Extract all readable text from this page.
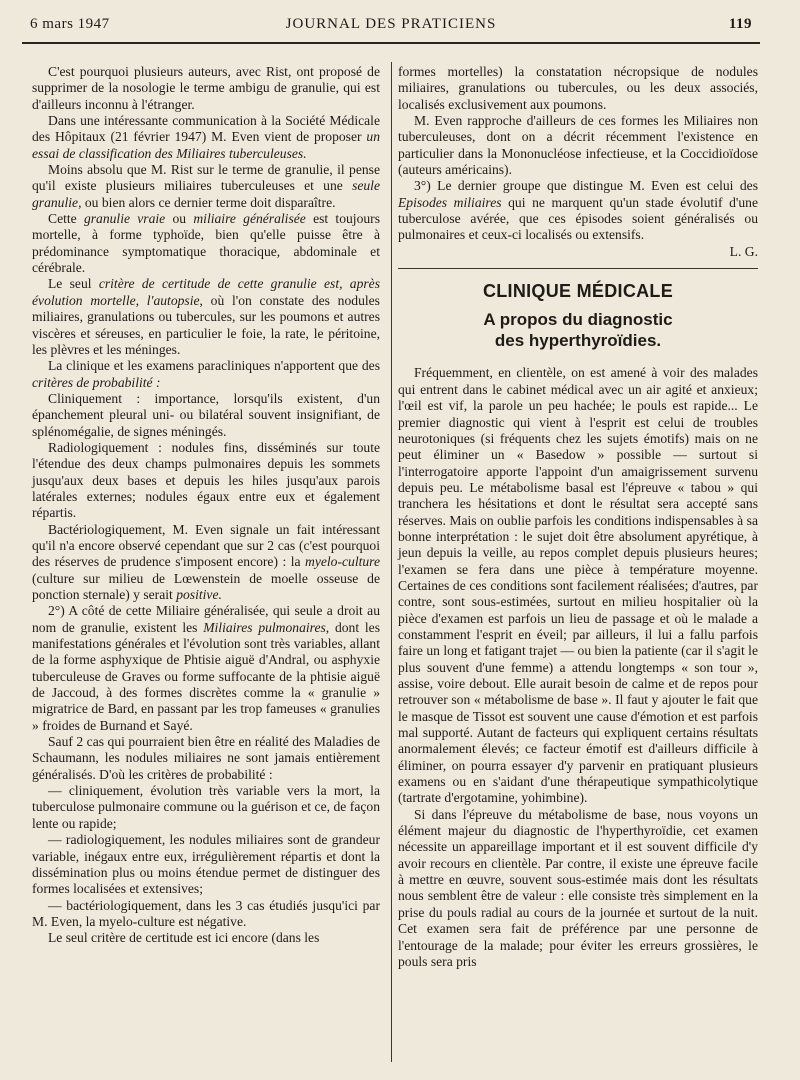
6 mars 1947	JOURNAL DES PRATICIENS	119

C'est pourquoi plusieurs auteurs, avec Rist, ont proposé de supprimer de la nosologie le terme ambigu de granulie, qui est d'ailleurs inconnu à l'étranger.

Dans une intéressante communication à la Société Médicale des Hôpitaux (21 février 1947) M. Even vient de proposer un essai de classification des Miliaires tuberculeuses.

Moins absolu que M. Rist sur le terme de granulie, il pense qu'il existe plusieurs miliaires tuberculeuses et une seule granulie, ou bien alors ce dernier terme doit disparaître.

Cette granulie vraie ou miliaire généralisée est toujours mortelle, à forme typhoïde, bien qu'elle puisse être à prédominance symptomatique thoracique, abdominale et cérébrale.

Le seul critère de certitude de cette granulie est, après évolution mortelle, l'autopsie, où l'on constate des nodules miliaires, granulations ou tubercules, sur les poumons et autres viscères et séreuses, en particulier le foie, la rate, le péritoine, les plèvres et les méninges.

La clinique et les examens paracliniques n'apportent que des critères de probabilité :

Cliniquement : importance, lorsqu'ils existent, d'un épanchement pleural uni- ou bilatéral souvent insignifiant, de splénomégalie, de signes méningés.

Radiologiquement : nodules fins, disséminés sur toute l'étendue des deux champs pulmonaires depuis les sommets jusqu'aux deux bases et depuis les hiles jusqu'aux parois latérales externes; nodules égaux entre eux et également répartis.

Bactériologiquement, M. Even signale un fait intéressant qu'il n'a encore observé cependant que sur 2 cas (c'est pourquoi des réserves de prudence s'imposent encore) : la myelo-culture (culture sur milieu de Lœwenstein de moelle osseuse de ponction sternale) y serait positive.

2°) A côté de cette Miliaire généralisée, qui seule a droit au nom de granulie, existent les Miliaires pulmonaires, dont les manifestations générales et l'évolution sont très variables, allant de la forme asphyxique de Phtisie aiguë d'Andral, ou asphyxie tuberculeuse de Graves ou forme suffocante de la phtisie aiguë de Jaccoud, à des formes discrètes comme la « granulie » migratrice de Bard, en passant par les trop fameuses « granulies » froides de Burnand et Sayé.

Sauf 2 cas qui pourraient bien être en réalité des Maladies de Schaumann, les nodules miliaires ne sont jamais entièrement généralisés. D'où les critères de probabilité :

— cliniquement, évolution très variable vers la mort, la tuberculose pulmonaire commune ou la guérison et ce, de façon lente ou rapide;

— radiologiquement, les nodules miliaires sont de grandeur variable, inégaux entre eux, irrégulièrement répartis et dont la dissémination plus ou moins étendue permet de distinguer des formes localisées et extensives;

— bactériologiquement, dans les 3 cas étudiés jusqu'ici par M. Even, la myelo-culture est négative.

Le seul critère de certitude est ici encore (dans les

formes mortelles) la constatation nécropsique de nodules miliaires, granulations ou tubercules, ou les deux associés, localisés exclusivement aux poumons.

M. Even rapproche d'ailleurs de ces formes les Miliaires non tuberculeuses, dont on a décrit récemment l'existence en particulier dans la Mononucléose infectieuse, et la Coccidioïdose (auteurs américains).

3°) Le dernier groupe que distingue M. Even est celui des Episodes miliaires qui ne marquent qu'un stade évolutif d'une tuberculose avérée, que ces épisodes soient généralisés ou pulmonaires et ceux-ci localisés ou extensifs.

L. G.
CLINIQUE MÉDICALE
A propos du diagnostic
des hyperthyroïdies.

Fréquemment, en clientèle, on est amené à voir des malades qui entrent dans le cabinet médical avec un air agité et anxieux; l'œil est vif, la parole un peu hachée; le pouls est rapide... Le premier diagnostic qui vient à l'esprit est celui de troubles neurotoniques (si fréquents chez les sujets émotifs) mais on ne peut éliminer un « Basedow » possible — surtout si l'interrogatoire apporte l'appoint d'un amaigrissement survenu depuis peu. Le métabolisme basal est l'épreuve « tabou » qui tranchera les hésitations et dont le résultat sera accepté sans réserves. Mais on oublie parfois les conditions indispensables à sa bonne interprétation : le sujet doit être absolument apyrétique, à jeun depuis la veille, au repos complet depuis plusieurs heures; l'examen se fera dans une pièce à température moyenne. Certaines de ces conditions sont facilement réalisées; d'autres, par contre, sont sous-estimées, surtout en milieu hospitalier où la pièce d'examen est parfois un lieu de passage et où le malade a constamment l'esprit en éveil; par ailleurs, il lui a fallu parfois faire un long et fatigant trajet — ou bien la patiente (car il s'agit le plus souvent d'une femme) a attendu longtemps « son tour », assise, voire debout. Elle aurait besoin de calme et de repos pour retrouver son « métabolisme de base ». Il faut y ajouter le fait que le masque de Tissot est souvent une cause d'émotion et est parfois mal supporté. Autant de facteurs qui expliquent certains résultats anormalement élevés; ce facteur émotif est d'ailleurs difficile à éliminer, on pourra essayer d'y parvenir en pratiquant plusieurs examens ou en s'aidant d'une thérapeutique sympathicolytique (tartrate d'ergotamine, yohimbine).

Si dans l'épreuve du métabolisme de base, nous voyons un élément majeur du diagnostic de l'hyperthyroïdie, cet examen nécessite un appareillage important et il est souvent difficile d'y avoir recours en clientèle. Par contre, il existe une épreuve facile à mettre en œuvre, souvent sous-estimée mais dont les résultats nous semblent être de valeur : elle consiste très simplement en la prise du pouls radial au cours de la journée et surtout de la nuit. Cet examen sera fait de préférence par une personne de l'entourage de la malade; pour éviter les erreurs grossières, le pouls sera pris
